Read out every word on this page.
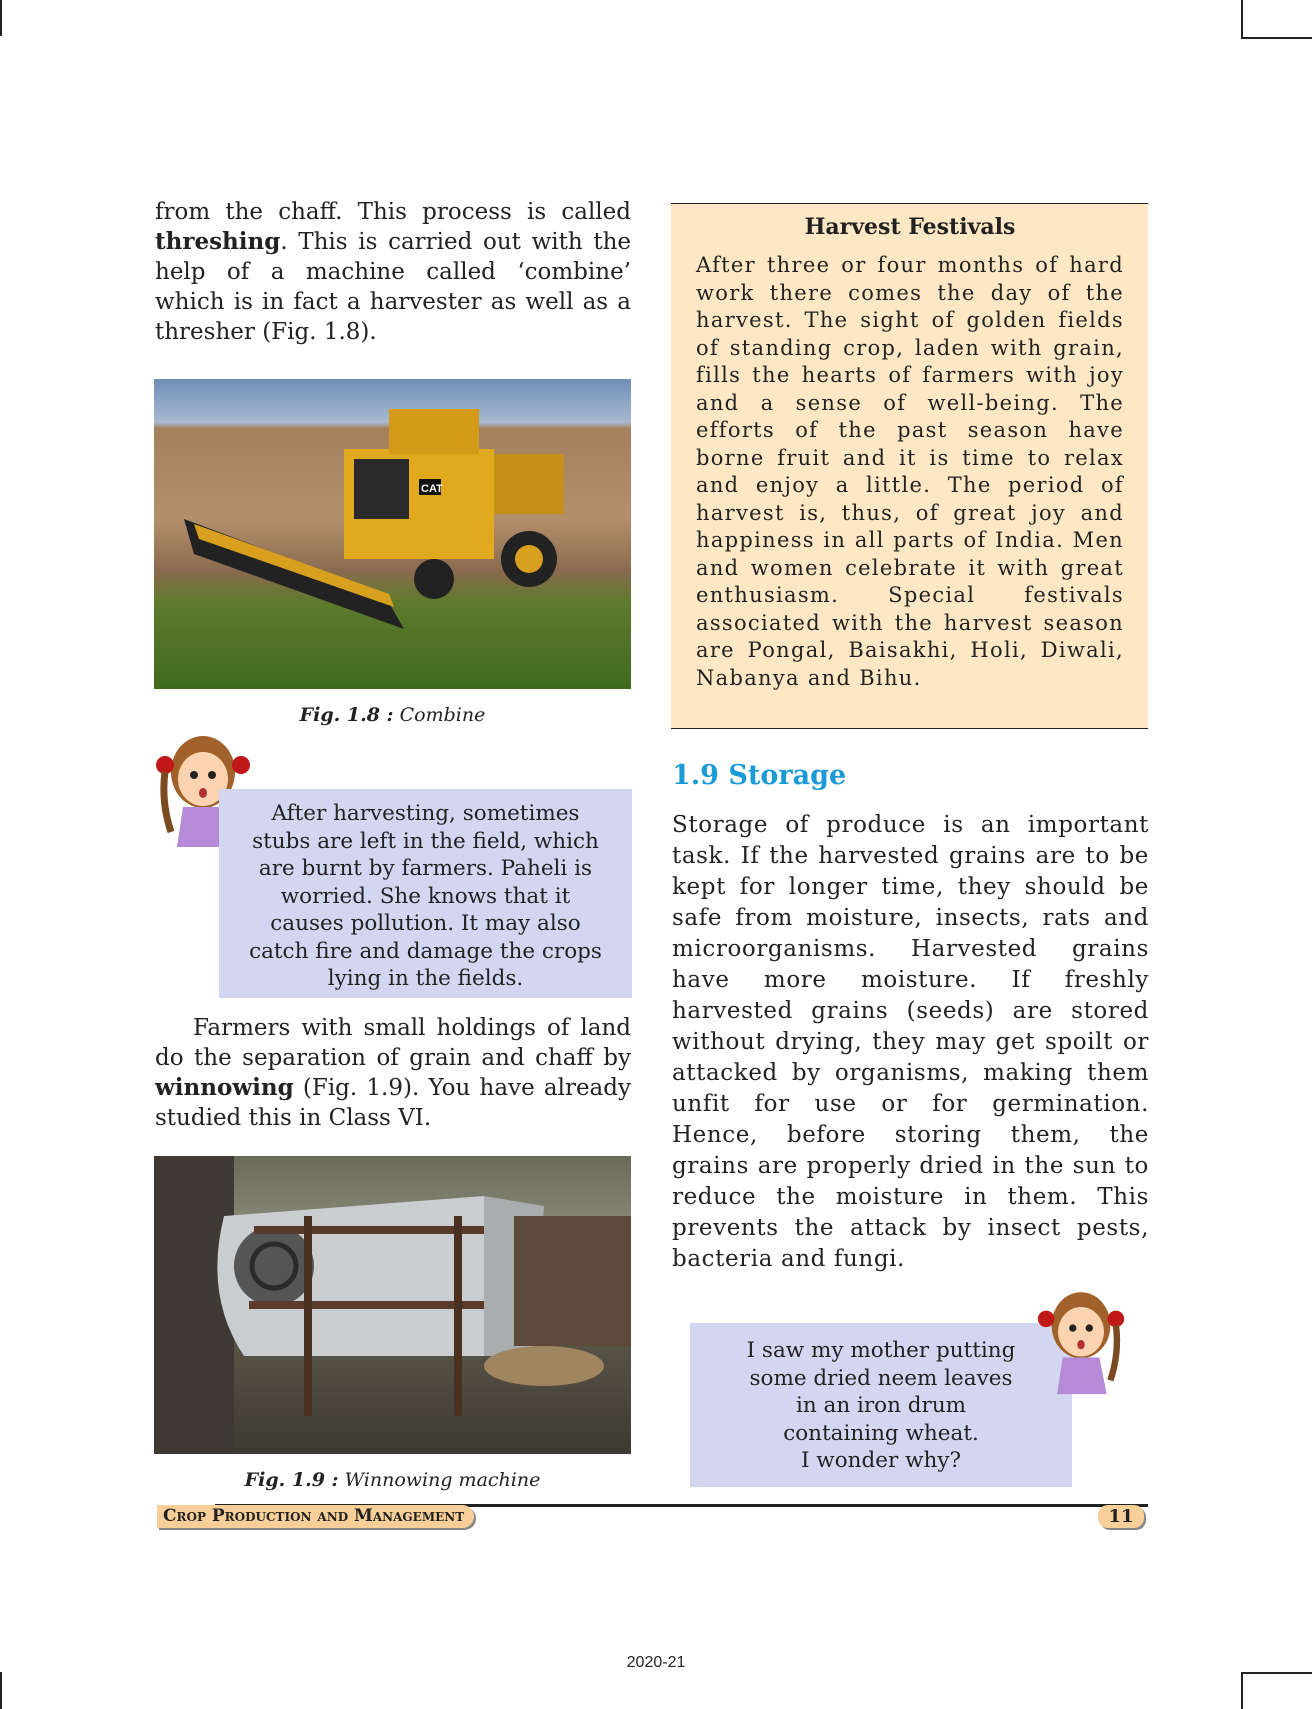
from the chaff. This process is called threshing. This is carried out with the help of a machine called ‘combine’ which is in fact a harvester as well as a thresher (Fig. 1.8).

CAT
Fig. 1.8 : Combine
After harvesting, sometimes stubs are left in the field, which are burnt by farmers. Paheli is worried. She knows that it causes pollution. It may also catch fire and damage the crops lying in the fields.

Farmers with small holdings of land do the separation of grain and chaff by winnowing (Fig. 1.9). You have already studied this in Class VI.

Fig. 1.9 : Winnowing machine
Harvest Festivals
After three or four months of hard work there comes the day of the harvest. The sight of golden fields of standing crop, laden with grain, fills the hearts of farmers with joy and a sense of well-being. The efforts of the past season have borne fruit and it is time to relax and enjoy a little. The period of harvest is, thus, of great joy and happiness in all parts of India. Men and women celebrate it with great enthusiasm. Special festivals associated with the harvest season are Pongal, Baisakhi, Holi, Diwali, Nabanya and Bihu.
1.9 Storage

Storage of produce is an important task. If the harvested grains are to be kept for longer time, they should be safe from moisture, insects, rats and microorganisms. Harvested grains have more moisture. If freshly harvested grains (seeds) are stored without drying, they may get spoilt or attacked by organisms, making them unfit for use or for germination. Hence, before storing them, the grains are properly dried in the sun to reduce the moisture in them. This prevents the attack by insect pests, bacteria and fungi.

I saw my mother putting
some dried neem leaves
in an iron drum
containing wheat.
I wonder why?
Crop Production and Management	11
2020-21
